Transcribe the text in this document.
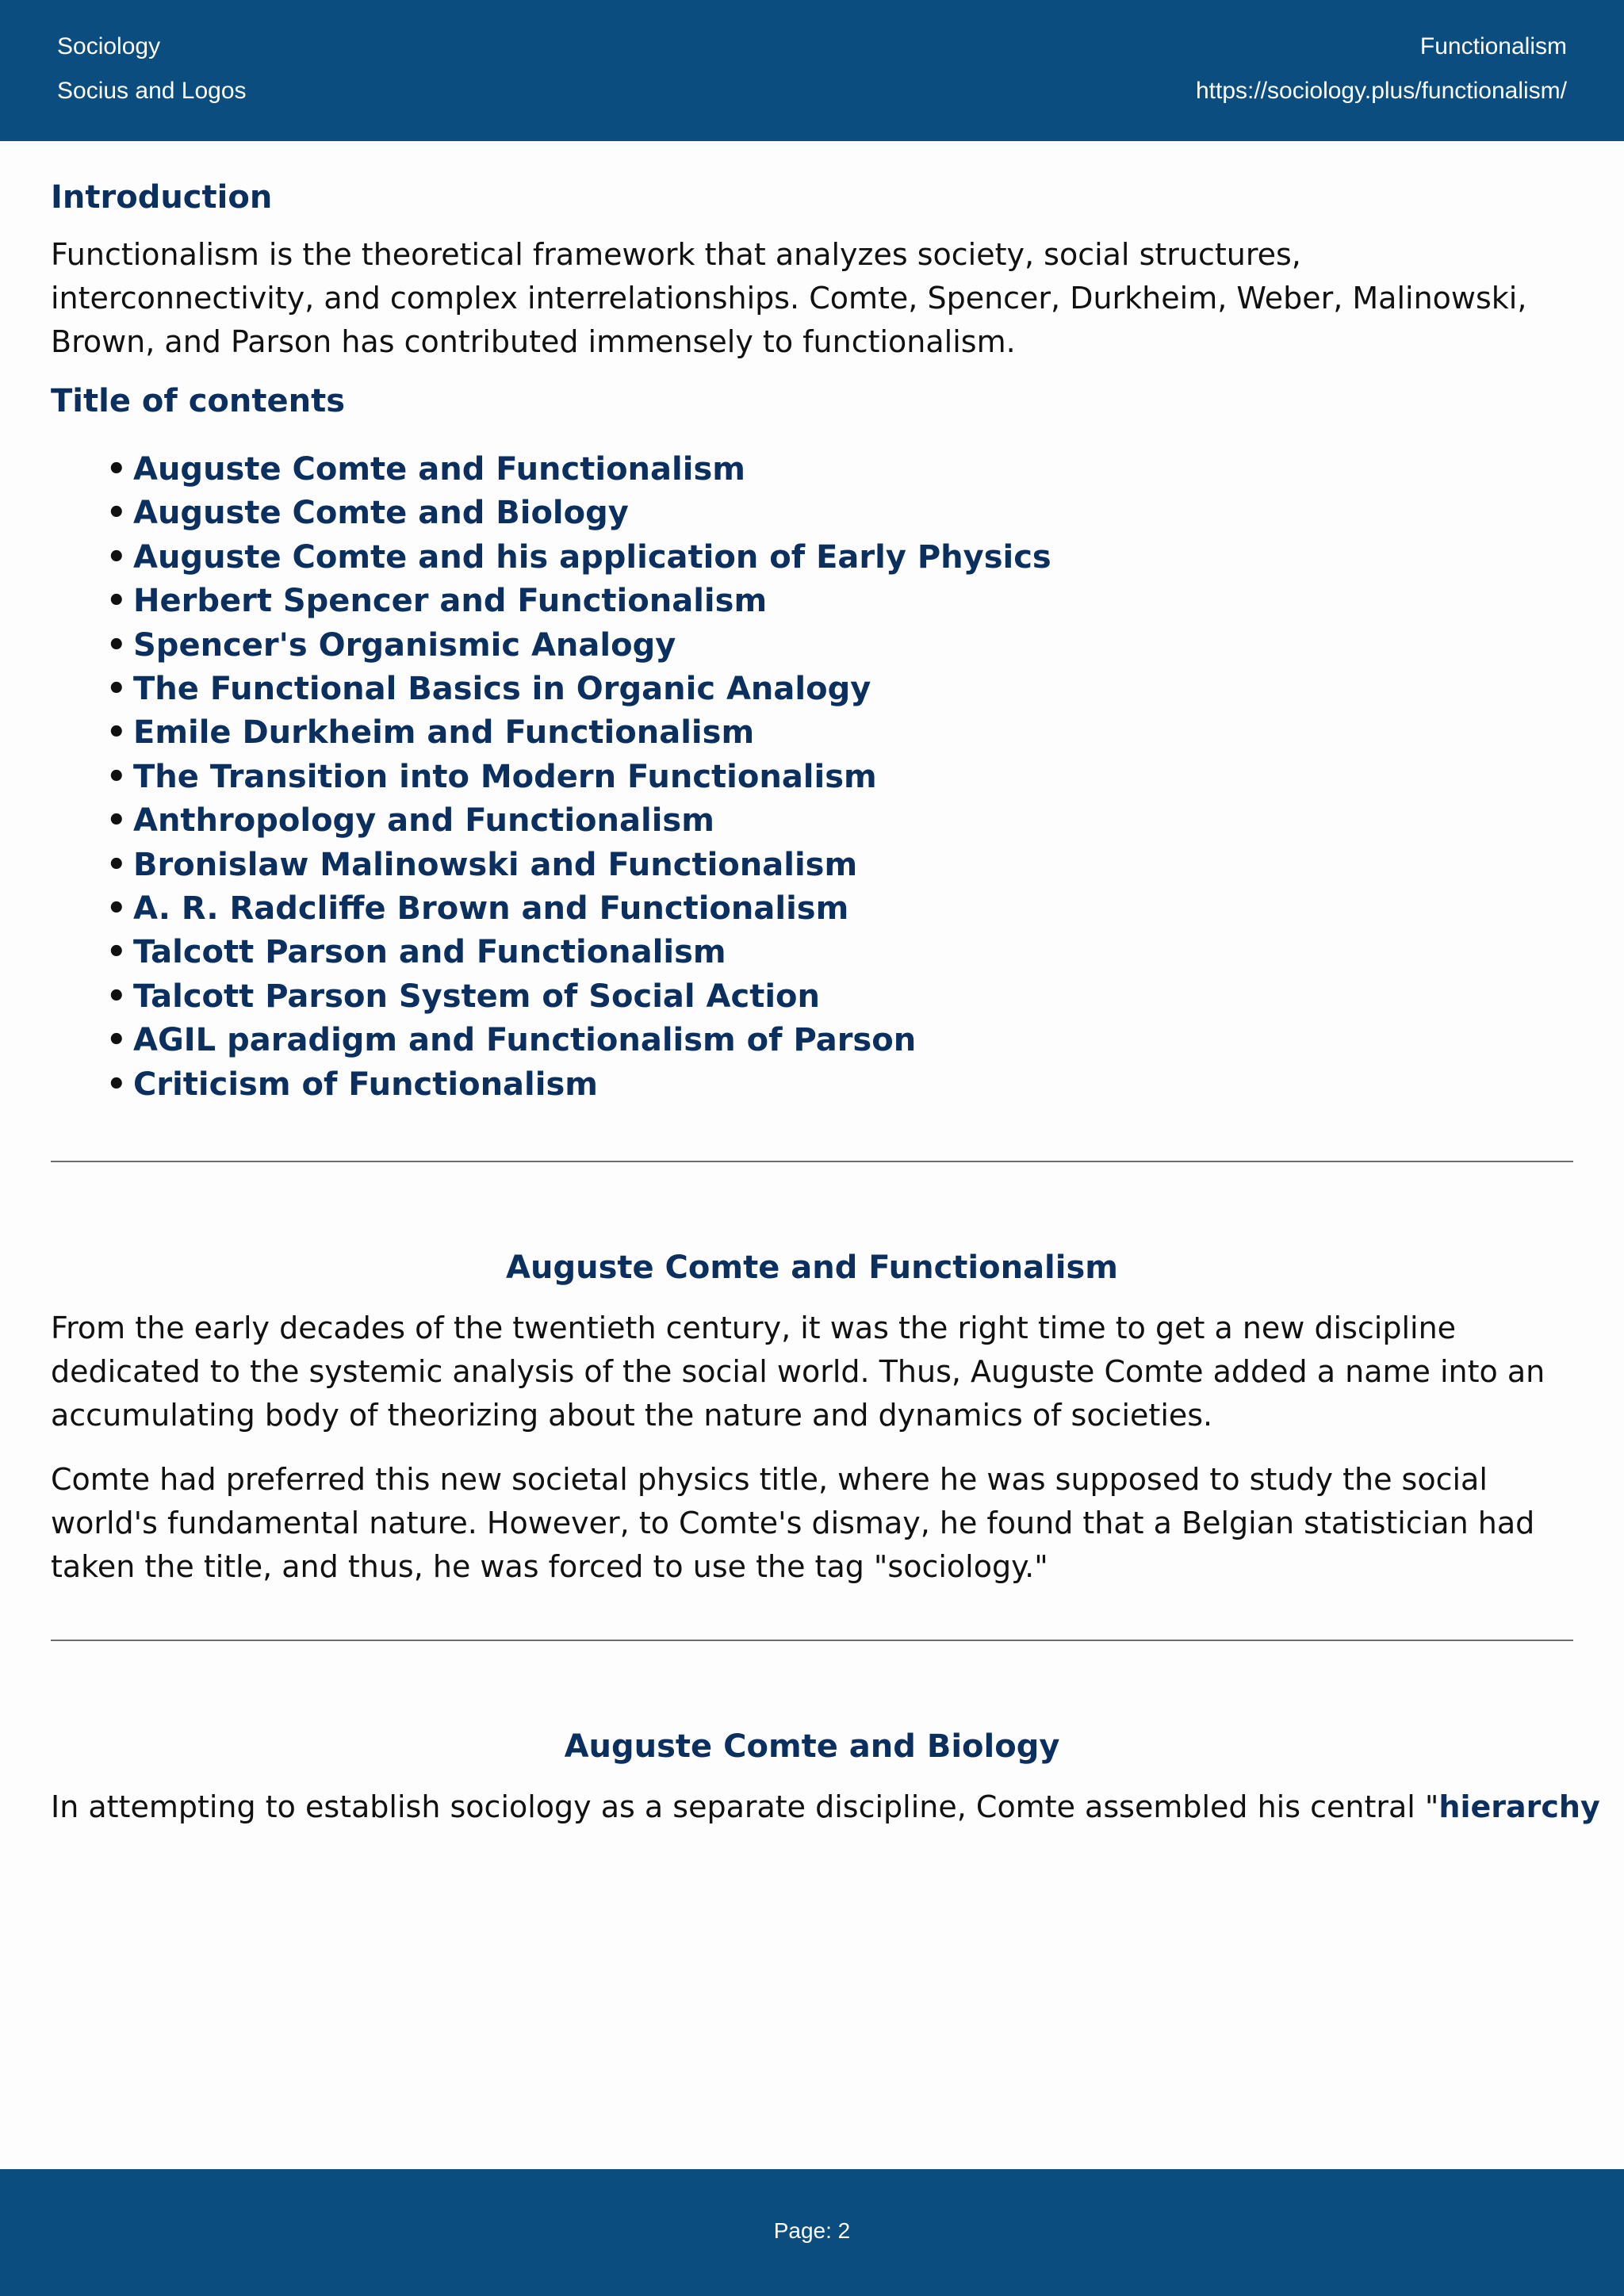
Sociology
Socius and Logos
Functionalism
https://sociology.plus/functionalism/
Introduction

Functionalism is the theoretical framework that analyzes society, social structures, interconnectivity, and complex interrelationships. Comte, Spencer, Durkheim, Weber, Malinowski, Brown, and Parson has contributed immensely to functionalism.

Title of contents
• Auguste Comte and Functionalism
• Auguste Comte and Biology
• Auguste Comte and his application of Early Physics
• Herbert Spencer and Functionalism
• Spencer's Organismic Analogy
• The Functional Basics in Organic Analogy
• Emile Durkheim and Functionalism
• The Transition into Modern Functionalism
• Anthropology and Functionalism
• Bronislaw Malinowski and Functionalism
• A. R. Radcliffe Brown and Functionalism
• Talcott Parson and Functionalism
• Talcott Parson System of Social Action
• AGIL paradigm and Functionalism of Parson
• Criticism of Functionalism
Auguste Comte and Functionalism

From the early decades of the twentieth century, it was the right time to get a new discipline dedicated to the systemic analysis of the social world. Thus, Auguste Comte added a name into an accumulating body of theorizing about the nature and dynamics of societies.

Comte had preferred this new societal physics title, where he was supposed to study the social world's fundamental nature. However, to Comte's dismay, he found that a Belgian statistician had taken the title, and thus, he was forced to use the tag "sociology."

Auguste Comte and Biology

In attempting to establish sociology as a separate discipline, Comte assembled his central "hierarchy

Page: 2
